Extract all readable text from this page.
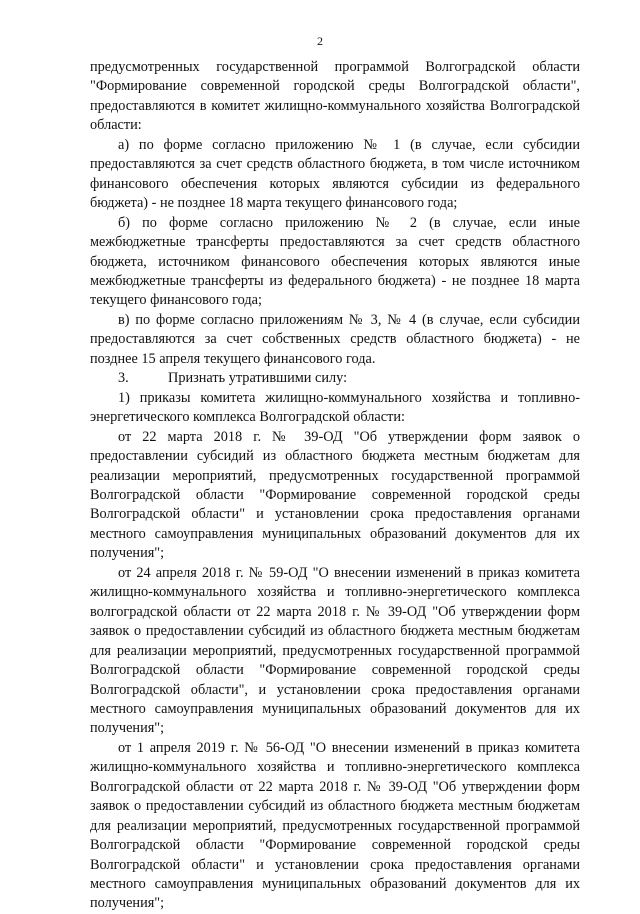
2

предусмотренных государственной программой Волгоградской области "Формирование современной городской среды Волгоградской области", предоставляются в комитет жилищно-коммунального хозяйства Волгоградской области:

а) по форме согласно приложению № 1 (в случае, если субсидии предоставляются за счет средств областного бюджета, в том числе источником финансового обеспечения которых являются субсидии из федерального бюджета) - не позднее 18 марта текущего финансового года;

б) по форме согласно приложению № 2 (в случае, если иные межбюджетные трансферты предоставляются за счет средств областного бюджета, источником финансового обеспечения которых являются иные межбюджетные трансферты из федерального бюджета) - не позднее 18 марта текущего финансового года;

в) по форме согласно приложениям № 3, № 4 (в случае, если субсидии предоставляются за счет собственных средств областного бюджета) - не позднее 15 апреля текущего финансового года.

3.	Признать утратившими силу:

1) приказы комитета жилищно-коммунального хозяйства и топливно-энергетического комплекса Волгоградской области:

от 22 марта 2018 г. № 39-ОД "Об утверждении форм заявок о предоставлении субсидий из областного бюджета местным бюджетам для реализации мероприятий, предусмотренных государственной программой Волгоградской области "Формирование современной городской среды Волгоградской области" и установлении срока предоставления органами местного самоуправления муниципальных образований документов для их получения";

от 24 апреля 2018 г. № 59-ОД "О внесении изменений в приказ комитета жилищно-коммунального хозяйства и топливно-энергетического комплекса волгоградской области от 22 марта 2018 г. № 39-ОД "Об утверждении форм заявок о предоставлении субсидий из областного бюджета местным бюджетам для реализации мероприятий, предусмотренных государственной программой Волгоградской области "Формирование современной городской среды Волгоградской области", и установлении срока предоставления органами местного самоуправления муниципальных образований документов для их получения";

от 1 апреля 2019 г. № 56-ОД "О внесении изменений в приказ комитета жилищно-коммунального хозяйства и топливно-энергетического комплекса Волгоградской области от 22 марта 2018 г. № 39-ОД "Об утверждении форм заявок о предоставлении субсидий из областного бюджета местным бюджетам для реализации мероприятий, предусмотренных государственной программой Волгоградской области "Формирование современной городской среды Волгоградской области" и установлении срока предоставления органами местного самоуправления муниципальных образований документов для их получения";
